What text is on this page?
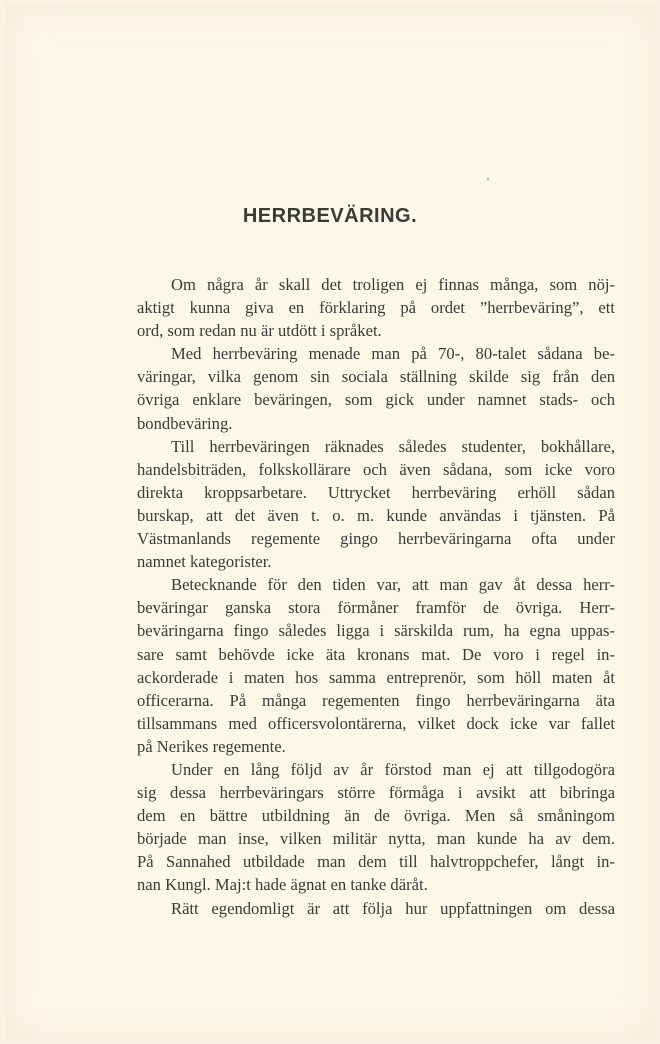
HERRBEVÄRING.
Om några år skall det troligen ej finnas många, som nöj-
aktigt kunna giva en förklaring på ordet ”herrbeväring”, ett
ord, som redan nu är utdött i språket.
Med herrbeväring menade man på 70-, 80-talet sådana be-
väringar, vilka genom sin sociala ställning skilde sig från den
övriga enklare beväringen, som gick under namnet stads- och
bondbeväring.
Till herrbeväringen räknades således studenter, bokhållare,
handelsbiträden, folkskollärare och även sådana, som icke voro
direkta kroppsarbetare. Uttrycket herrbeväring erhöll sådan
burskap, att det även t. o. m. kunde användas i tjänsten. På
Västmanlands regemente gingo herrbeväringarna ofta under
namnet kategorister.
Betecknande för den tiden var, att man gav åt dessa herr-
beväringar ganska stora förmåner framför de övriga. Herr-
beväringarna fingo således ligga i särskilda rum, ha egna uppas-
sare samt behövde icke äta kronans mat. De voro i regel in-
ackorderade i maten hos samma entreprenör, som höll maten åt
officerarna. På många regementen fingo herrbeväringarna äta
tillsammans med officersvolontärerna, vilket dock icke var fallet
på Nerikes regemente.
Under en lång följd av år förstod man ej att tillgodogöra
sig dessa herrbeväringars större förmåga i avsikt att bibringa
dem en bättre utbildning än de övriga. Men så småningom
började man inse, vilken militär nytta, man kunde ha av dem.
På Sannahed utbildade man dem till halvtroppchefer, långt in-
nan Kungl. Maj:t hade ägnat en tanke däråt.
Rätt egendomligt är att följa hur uppfattningen om dessa
